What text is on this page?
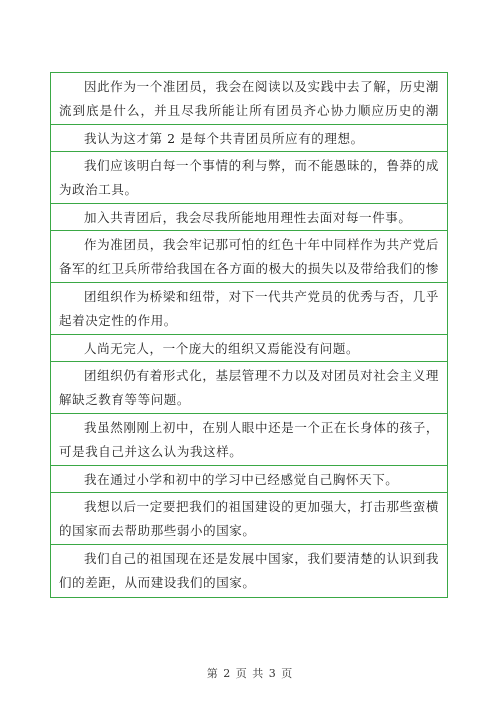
因此作为一个准团员，我会在阅读以及实践中去了解，历史潮流到底是什么，并且尽我所能让所有团员齐心协力顺应历史的潮
我认为这才第 2 是每个共青团员所应有的理想。
我们应该明白每一个事情的利与弊，而不能愚昧的，鲁莽的成为政治工具。
加入共青团后，我会尽我所能地用理性去面对每一件事。
作为准团员，我会牢记那可怕的红色十年中同样作为共产党后备军的红卫兵所带给我国在各方面的极大的损失以及带给我们的惨
团组织作为桥梁和纽带，对下一代共产党员的优秀与否，几乎起着决定性的作用。
人尚无完人，一个庞大的组织又焉能没有问题。
团组织仍有着形式化，基层管理不力以及对团员对社会主义理解缺乏教育等等问题。
我虽然刚刚上初中，在别人眼中还是一个正在长身体的孩子，可是我自己并这么认为我这样。
我在通过小学和初中的学习中已经感觉自己胸怀天下。
我想以后一定要把我们的祖国建设的更加强大，打击那些蛮横的国家而去帮助那些弱小的国家。
我们自己的祖国现在还是发展中国家，我们要清楚的认识到我们的差距，从而建设我们的国家。
第 2 页 共 3 页
